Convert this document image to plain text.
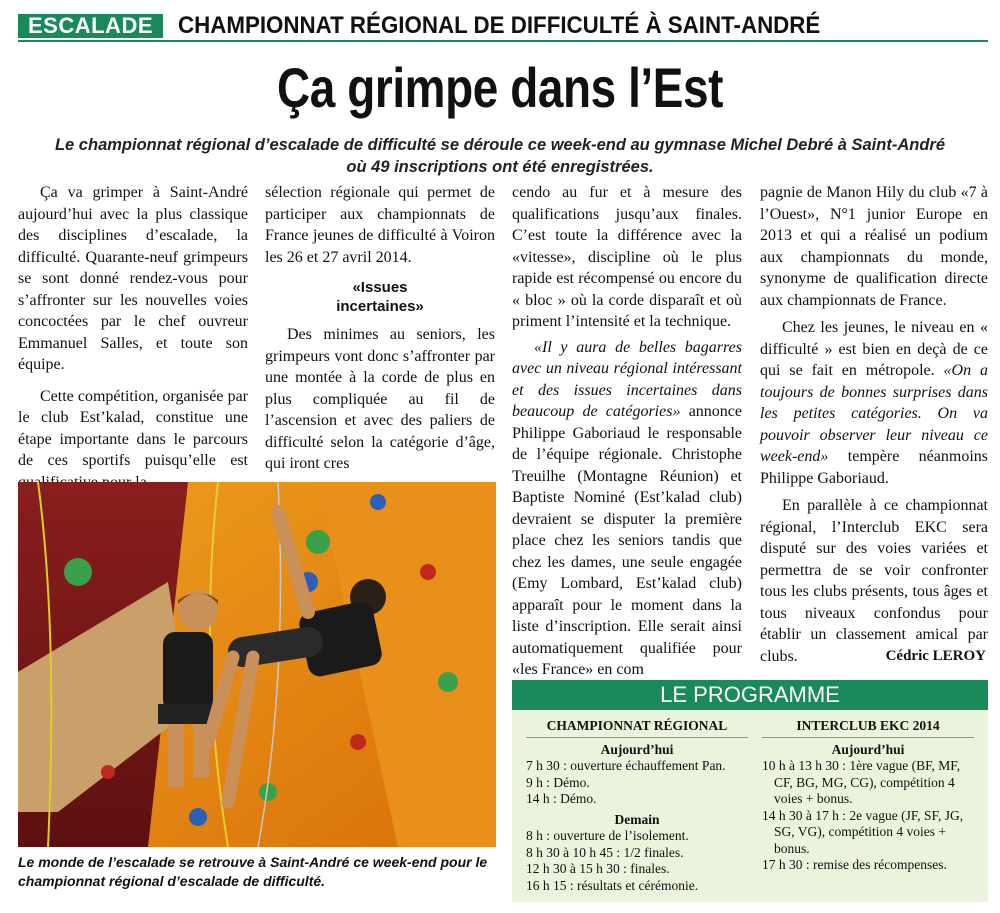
ESCALADE	CHAMPIONNAT RÉGIONAL DE DIFFICULTÉ À SAINT-ANDRÉ
Ça grimpe dans l’Est
Le championnat régional d’escalade de difficulté se déroule ce week-end au gymnase Michel Debré à Saint-André
où 49 inscriptions ont été enregistrées.

Ça va grimper à Saint-André aujourd’hui avec la plus classique des disciplines d’escalade, la difficulté. Quarante-neuf grimpeurs se sont donné rendez-vous pour s’affronter sur les nouvelles voies concoctées par le chef ouvreur Emmanuel Salles, et toute son équipe.

Cette compétition, organisée par le club Est’kalad, constitue une étape importante dans le parcours de ces sportifs puisqu’elle est

sélection régionale qui permet de participer aux championnats de France jeunes de difficulté à Voiron les 26 et 27 avril 2014.

«Issues
incertaines»

Des minimes au seniors, les grimpeurs vont donc s’affronter par une montée à la corde de plus en plus compliquée au fil de l’ascension et avec des paliers de difficulté selon la catégorie d’âge, qui iront cres

cendo au fur et à mesure des qualifications jusqu’aux finales. C’est toute la différence avec la «vitesse», discipline où le plus rapide est récompensé ou encore du « bloc » où la corde disparaît et où priment l’intensité et la technique.

«Il y aura de belles bagarres avec un niveau régional intéressant et des issues incertaines dans beaucoup de catégories» annonce Philippe Gaboriaud le responsable de l’équipe régionale. Christophe Treuilhe (Montagne Réunion) et Baptiste Nominé (Est’kalad club) devraient se disputer la première place chez les seniors tandis que chez les dames, une seule engagée (Emy Lombard, Est’kalad club) apparaît pour le moment dans la liste d’inscription. Elle serait ainsi automatiquement qualifiée pour «les France» en com

pagnie de Manon Hily du club «7 à l’Ouest», N°1 junior Europe en 2013 et qui a réalisé un podium aux championnats du monde, synonyme de qualification directe aux championnats de France.

Chez les jeunes, le niveau en « difficulté » est bien en deçà de ce qui se fait en métropole. «On a toujours de bonnes surprises dans les petites catégories. On va pouvoir observer leur niveau ce week-end» tempère néanmoins Philippe Gaboriaud.

En parallèle à ce championnat régional, l’Interclub EKC sera disputé sur des voies variées et permettra de se voir confronter tous les clubs présents, tous âges et tous niveaux confondus pour établir un classement amical par clubs.	Cédric LEROY
Le monde de l’escalade se retrouve à Saint-André ce week-end pour le championnat régional d’escalade de difficulté.
LE PROGRAMME
CHAMPIONNAT RÉGIONAL
Aujourd’hui
7 h 30 : ouverture échauffement Pan.
9 h : Démo.
14 h : Démo.
Demain
8 h : ouverture de l’isolement.
8 h 30 à 10 h 45 : 1/2 finales.
12 h 30 à 15 h 30 : finales.
16 h 15 : résultats et cérémonie.
INTERCLUB EKC 2014
Aujourd’hui
10 h à 13 h 30 : 1ère vague (BF, MF, CF, BG, MG, CG), compétition 4 voies + bonus.
14 h 30 à 17 h : 2e vague (JF, SF, JG, SG, VG), compétition 4 voies + bonus.
17 h 30 : remise des récompenses.
